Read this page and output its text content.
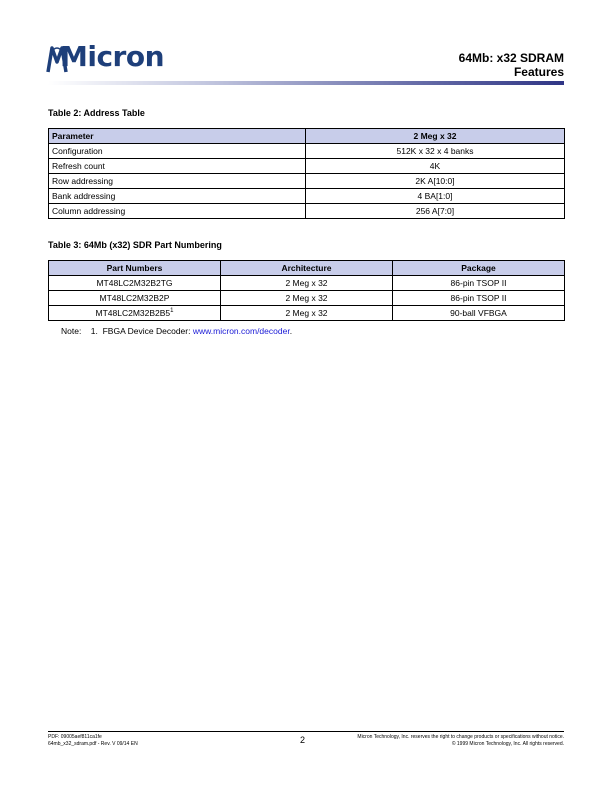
Micron	64Mb: x32 SDRAM
Features
Table 2: Address Table
Parameter	2 Meg x 32
Configuration	512K x 32 x 4 banks
Refresh count	4K
Row addressing	2K A[10:0]
Bank addressing	4 BA[1:0]
Column addressing	256 A[7:0]
Table 3: 64Mb (x32) SDR Part Numbering
Part Numbers	Architecture	Package
MT48LC2M32B2TG	2 Meg x 32	86-pin TSOP II
MT48LC2M32B2P	2 Meg x 32	86-pin TSOP II
$MT48LC2M32B2B5^1$	2 Meg x 32	90-ball VFBGA
Note: 1. FBGA Device Decoder: www.micron.com/decoder.
PDF: 09005aef811ca1fe
64mb_x32_sdram.pdf - Rev. V 09/14 EN	2	Micron Technology, Inc. reserves the right to change products or specifications without notice.
© 1999 Micron Technology, Inc. All rights reserved.
